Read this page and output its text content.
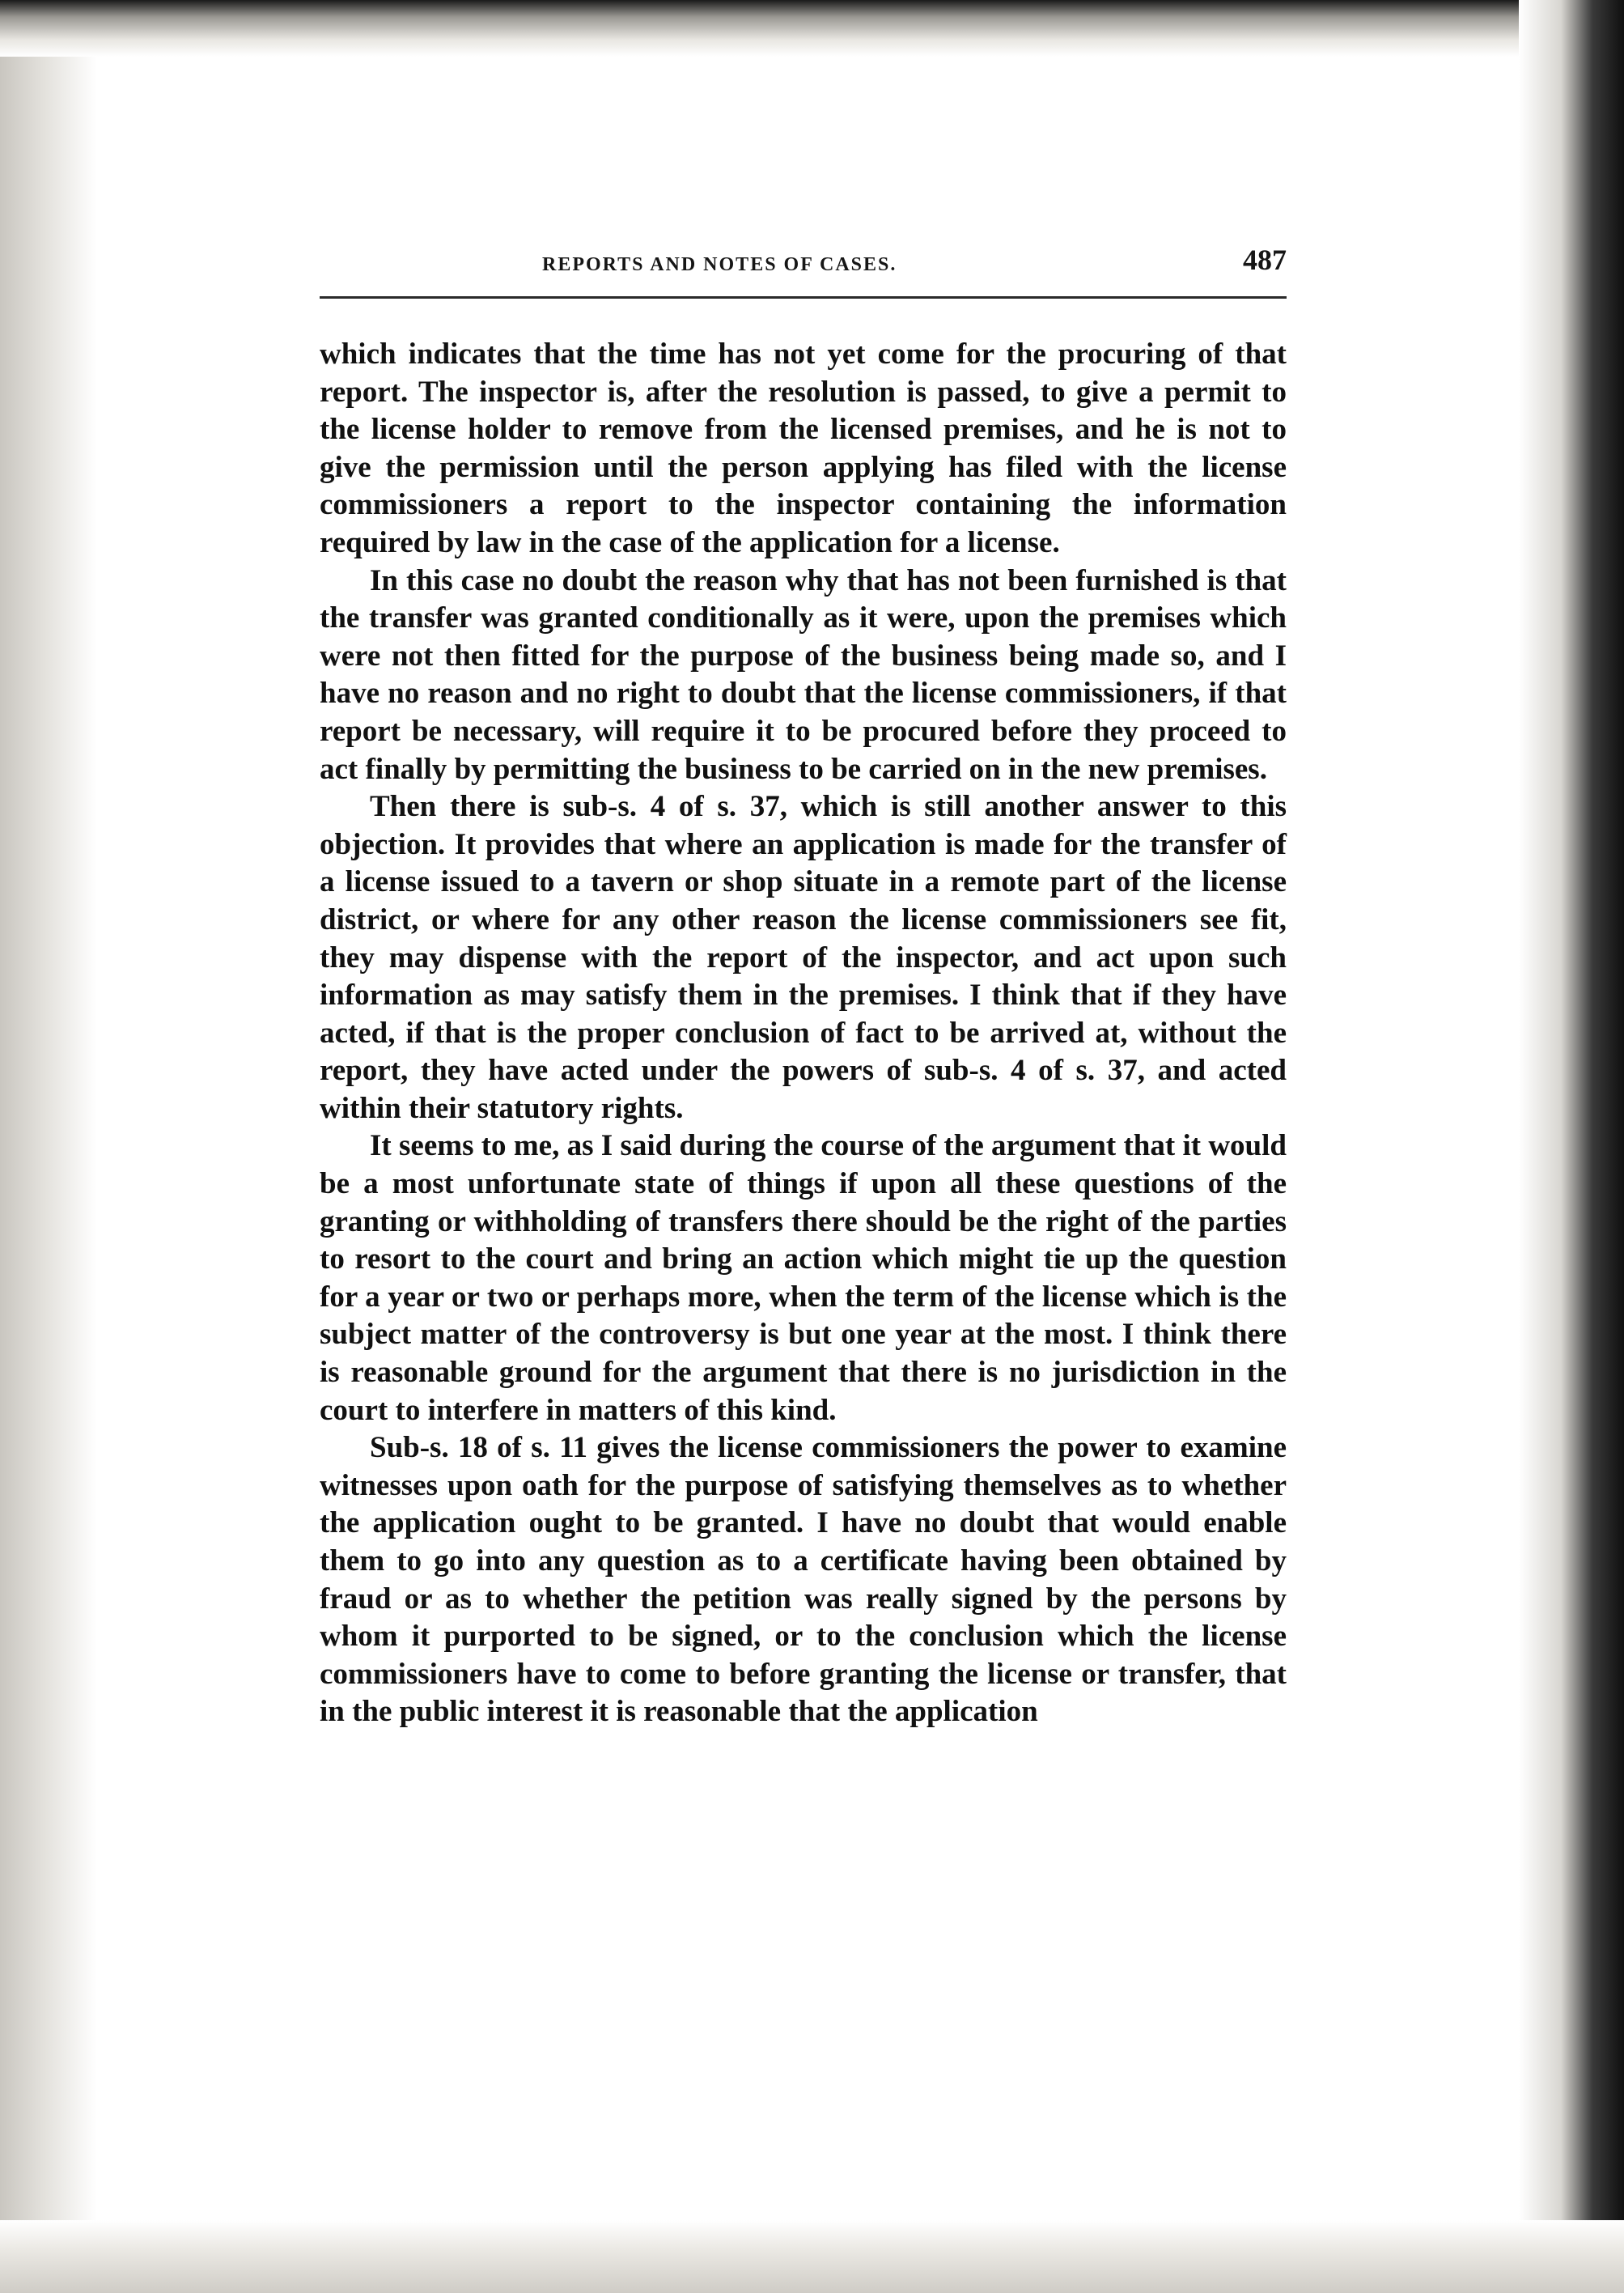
REPORTS AND NOTES OF CASES.	487

which indicates that the time has not yet come for the procuring of that report. The inspector is, after the resolution is passed, to give a permit to the license holder to remove from the licensed premises, and he is not to give the permission until the person applying has filed with the license commissioners a report to the inspector containing the information required by law in the case of the application for a license.

In this case no doubt the reason why that has not been furnished is that the transfer was granted conditionally as it were, upon the premises which were not then fitted for the purpose of the business being made so, and I have no reason and no right to doubt that the license commissioners, if that report be necessary, will require it to be procured before they proceed to act finally by permitting the business to be carried on in the new premises.

Then there is sub-s. 4 of s. 37, which is still another answer to this objection. It provides that where an application is made for the transfer of a license issued to a tavern or shop situate in a remote part of the license district, or where for any other reason the license commissioners see fit, they may dispense with the report of the inspector, and act upon such information as may satisfy them in the premises. I think that if they have acted, if that is the proper conclusion of fact to be arrived at, without the report, they have acted under the powers of sub-s. 4 of s. 37, and acted within their statutory rights.

It seems to me, as I said during the course of the argument that it would be a most unfortunate state of things if upon all these questions of the granting or withholding of transfers there should be the right of the parties to resort to the court and bring an action which might tie up the question for a year or two or perhaps more, when the term of the license which is the subject matter of the controversy is but one year at the most. I think there is reasonable ground for the argument that there is no jurisdiction in the court to interfere in matters of this kind.

Sub-s. 18 of s. 11 gives the license commissioners the power to examine witnesses upon oath for the purpose of satisfying themselves as to whether the application ought to be granted. I have no doubt that would enable them to go into any question as to a certificate having been obtained by fraud or as to whether the petition was really signed by the persons by whom it purported to be signed, or to the conclusion which the license commissioners have to come to before granting the license or transfer, that in the public interest it is reasonable that the application
